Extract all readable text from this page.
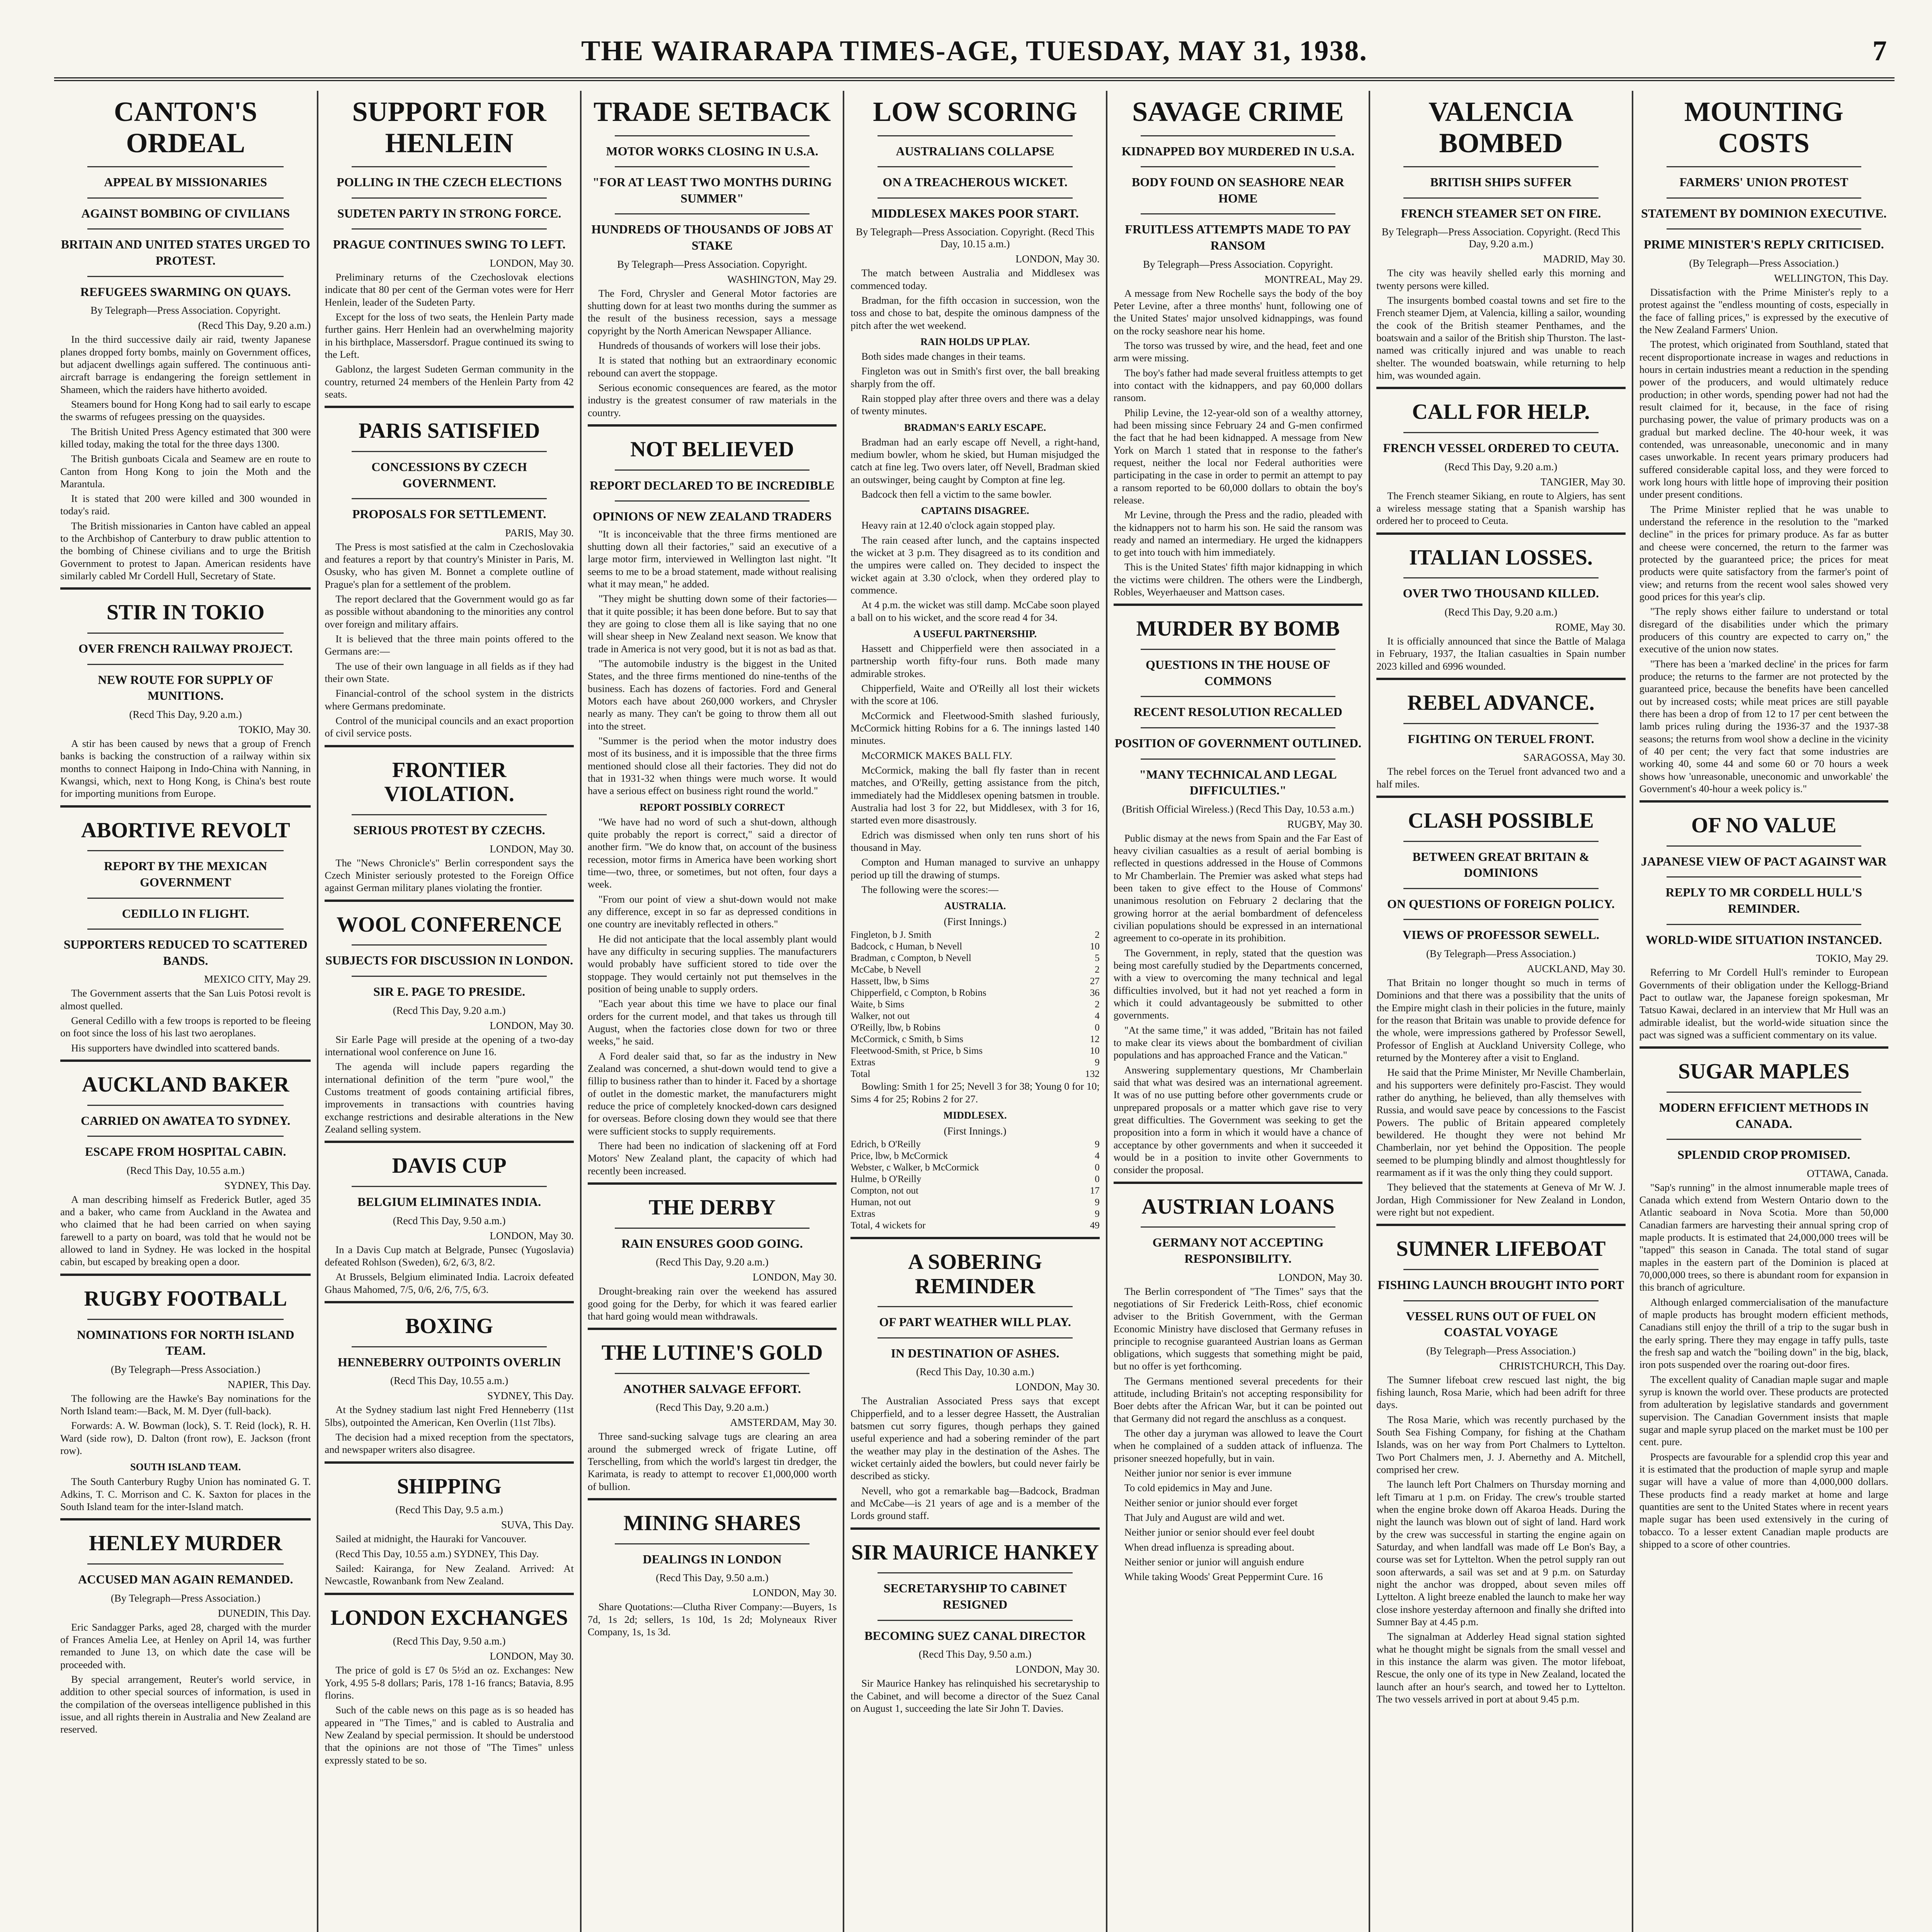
THE WAIRARAPA TIMES-AGE, TUESDAY, MAY 31, 1938.	7
CANTON'S ORDEAL
APPEAL BY MISSIONARIES
AGAINST BOMBING OF CIVILIANS
BRITAIN AND UNITED STATES URGED TO PROTEST.
REFUGEES SWARMING ON QUAYS.
By Telegraph—Press Association. Copyright.
(Recd This Day, 9.20 a.m.)
In the third successive daily air raid, twenty Japanese planes dropped forty bombs, mainly on Government offices, but adjacent dwellings again suffered. The continuous anti-aircraft barrage is endangering the foreign settlement in Shameen, which the raiders have hitherto avoided.
Steamers bound for Hong Kong had to sail early to escape the swarms of refugees pressing on the quaysides.
The British United Press Agency estimated that 300 were killed today, making the total for the three days 1300.
The British gunboats Cicala and Seamew are en route to Canton from Hong Kong to join the Moth and the Marantula.
It is stated that 200 were killed and 300 wounded in today's raid.
The British missionaries in Canton have cabled an appeal to the Archbishop of Canterbury to draw public attention to the bombing of Chinese civilians and to urge the British Government to protest to Japan. American residents have similarly cabled Mr Cordell Hull, Secretary of State.
STIR IN TOKIO
OVER FRENCH RAILWAY PROJECT.
NEW ROUTE FOR SUPPLY OF MUNITIONS.
(Recd This Day, 9.20 a.m.)
TOKIO, May 30.
A stir has been caused by news that a group of French banks is backing the construction of a railway within six months to connect Haipong in Indo-China with Nanning, in Kwangsi, which, next to Hong Kong, is China's best route for importing munitions from Europe.
ABORTIVE REVOLT
REPORT BY THE MEXICAN GOVERNMENT
CEDILLO IN FLIGHT.
SUPPORTERS REDUCED TO SCATTERED BANDS.
MEXICO CITY, May 29.
The Government asserts that the San Luis Potosi revolt is almost quelled.
General Cedillo with a few troops is reported to be fleeing on foot since the loss of his last two aeroplanes.
His supporters have dwindled into scattered bands.
AUCKLAND BAKER
CARRIED ON AWATEA TO SYDNEY.
ESCAPE FROM HOSPITAL CABIN.
(Recd This Day, 10.55 a.m.)
SYDNEY, This Day.
A man describing himself as Frederick Butler, aged 35 and a baker, who came from Auckland in the Awatea and who claimed that he had been carried on when saying farewell to a party on board, was told that he would not be allowed to land in Sydney. He was locked in the hospital cabin, but escaped by breaking open a door.
RUGBY FOOTBALL
NOMINATIONS FOR NORTH ISLAND TEAM.
(By Telegraph—Press Association.)
NAPIER, This Day.
The following are the Hawke's Bay nominations for the North Island team:—Back, M. M. Dyer (full-back).
Forwards: A. W. Bowman (lock), S. T. Reid (lock), R. H. Ward (side row), D. Dalton (front row), E. Jackson (front row).
SOUTH ISLAND TEAM.
The South Canterbury Rugby Union has nominated G. T. Adkins, T. C. Morrison and C. K. Saxton for places in the South Island team for the inter-Island match.
HENLEY MURDER
ACCUSED MAN AGAIN REMANDED.
(By Telegraph—Press Association.)
DUNEDIN, This Day.
Eric Sandagger Parks, aged 28, charged with the murder of Frances Amelia Lee, at Henley on April 14, was further remanded to June 13, on which date the case will be proceeded with.
By special arrangement, Reuter's world service, in addition to other special sources of information, is used in the compilation of the overseas intelligence published in this issue, and all rights therein in Australia and New Zealand are reserved.
SUPPORT FOR HENLEIN
POLLING IN THE CZECH ELECTIONS
SUDETEN PARTY IN STRONG FORCE.
PRAGUE CONTINUES SWING TO LEFT.
LONDON, May 30.
Preliminary returns of the Czechoslovak elections indicate that 80 per cent of the German votes were for Herr Henlein, leader of the Sudeten Party.
Except for the loss of two seats, the Henlein Party made further gains. Herr Henlein had an overwhelming majority in his birthplace, Massersdorf. Prague continued its swing to the Left.
Gablonz, the largest Sudeten German community in the country, returned 24 members of the Henlein Party from 42 seats.
PARIS SATISFIED
CONCESSIONS BY CZECH GOVERNMENT.
PROPOSALS FOR SETTLEMENT.
PARIS, May 30.
The Press is most satisfied at the calm in Czechoslovakia and features a report by that country's Minister in Paris, M. Osusky, who has given M. Bonnet a complete outline of Prague's plan for a settlement of the problem.
The report declared that the Government would go as far as possible without abandoning to the minorities any control over foreign and military affairs.
It is believed that the three main points offered to the Germans are:—
The use of their own language in all fields as if they had their own State.
Financial-control of the school system in the districts where Germans predominate.
Control of the municipal councils and an exact proportion of civil service posts.
FRONTIER VIOLATION.
SERIOUS PROTEST BY CZECHS.
LONDON, May 30.
The "News Chronicle's" Berlin correspondent says the Czech Minister seriously protested to the Foreign Office against German military planes violating the frontier.
WOOL CONFERENCE
SUBJECTS FOR DISCUSSION IN LONDON.
SIR E. PAGE TO PRESIDE.
(Recd This Day, 9.20 a.m.)
LONDON, May 30.
Sir Earle Page will preside at the opening of a two-day international wool conference on June 16.
The agenda will include papers regarding the international definition of the term "pure wool," the Customs treatment of goods containing artificial fibres, improvements in transactions with countries having exchange restrictions and desirable alterations in the New Zealand selling system.
DAVIS CUP
BELGIUM ELIMINATES INDIA.
(Recd This Day, 9.50 a.m.)
LONDON, May 30.
In a Davis Cup match at Belgrade, Punsec (Yugoslavia) defeated Rohlson (Sweden), 6/2, 6/3, 8/2.
At Brussels, Belgium eliminated India. Lacroix defeated Ghaus Mahomed, 7/5, 0/6, 2/6, 7/5, 6/3.
BOXING
HENNEBERRY OUTPOINTS OVERLIN
(Recd This Day, 10.55 a.m.)
SYDNEY, This Day.
At the Sydney stadium last night Fred Henneberry (11st 5lbs), outpointed the American, Ken Overlin (11st 7lbs).
The decision had a mixed reception from the spectators, and newspaper writers also disagree.
SHIPPING
(Recd This Day, 9.5 a.m.)
SUVA, This Day.
Sailed at midnight, the Hauraki for Vancouver.
(Recd This Day, 10.55 a.m.) SYDNEY, This Day.
Sailed: Kairanga, for New Zealand. Arrived: At Newcastle, Rowanbank from New Zealand.
LONDON EXCHANGES
(Recd This Day, 9.50 a.m.)
LONDON, May 30.
The price of gold is £7 0s 5½d an oz. Exchanges: New York, 4.95 5-8 dollars; Paris, 178 1-16 francs; Batavia, 8.95 florins.
Such of the cable news on this page as is so headed has appeared in "The Times," and is cabled to Australia and New Zealand by special permission. It should be understood that the opinions are not those of "The Times" unless expressly stated to be so.
TRADE SETBACK
MOTOR WORKS CLOSING IN U.S.A.
"FOR AT LEAST TWO MONTHS DURING SUMMER"
HUNDREDS OF THOUSANDS OF JOBS AT STAKE
By Telegraph—Press Association. Copyright.
WASHINGTON, May 29.
The Ford, Chrysler and General Motor factories are shutting down for at least two months during the summer as the result of the business recession, says a message copyright by the North American Newspaper Alliance.
Hundreds of thousands of workers will lose their jobs.
It is stated that nothing but an extraordinary economic rebound can avert the stoppage.
Serious economic consequences are feared, as the motor industry is the greatest consumer of raw materials in the country.
NOT BELIEVED
REPORT DECLARED TO BE INCREDIBLE
OPINIONS OF NEW ZEALAND TRADERS
"It is inconceivable that the three firms mentioned are shutting down all their factories," said an executive of a large motor firm, interviewed in Wellington last night. "It seems to me to be a broad statement, made without realising what it may mean," he added.
"They might be shutting down some of their factories—that it quite possible; it has been done before. But to say that they are going to close them all is like saying that no one will shear sheep in New Zealand next season. We know that trade in America is not very good, but it is not as bad as that.
"The automobile industry is the biggest in the United States, and the three firms mentioned do nine-tenths of the business. Each has dozens of factories. Ford and General Motors each have about 260,000 workers, and Chrysler nearly as many. They can't be going to throw them all out into the street.
"Summer is the period when the motor industry does most of its business, and it is impossible that the three firms mentioned should close all their factories. They did not do that in 1931-32 when things were much worse. It would have a serious effect on business right round the world."
REPORT POSSIBLY CORRECT
"We have had no word of such a shut-down, although quite probably the report is correct," said a director of another firm. "We do know that, on account of the business recession, motor firms in America have been working short time—two, three, or sometimes, but not often, four days a week.
"From our point of view a shut-down would not make any difference, except in so far as depressed conditions in one country are inevitably reflected in others."
He did not anticipate that the local assembly plant would have any difficulty in securing supplies. The manufacturers would probably have sufficient stored to tide over the stoppage. They would certainly not put themselves in the position of being unable to supply orders.
"Each year about this time we have to place our final orders for the current model, and that takes us through till August, when the factories close down for two or three weeks," he said.
A Ford dealer said that, so far as the industry in New Zealand was concerned, a shut-down would tend to give a fillip to business rather than to hinder it. Faced by a shortage of outlet in the domestic market, the manufacturers might reduce the price of completely knocked-down cars designed for overseas. Before closing down they would see that there were sufficient stocks to supply requirements.
There had been no indication of slackening off at Ford Motors' New Zealand plant, the capacity of which had recently been increased.
THE DERBY
RAIN ENSURES GOOD GOING.
(Recd This Day, 9.20 a.m.)
LONDON, May 30.
Drought-breaking rain over the weekend has assured good going for the Derby, for which it was feared earlier that hard going would mean withdrawals.
THE LUTINE'S GOLD
ANOTHER SALVAGE EFFORT.
(Recd This Day, 9.20 a.m.)
AMSTERDAM, May 30.
Three sand-sucking salvage tugs are clearing an area around the submerged wreck of frigate Lutine, off Terschelling, from which the world's largest tin dredger, the Karimata, is ready to attempt to recover £1,000,000 worth of bullion.
MINING SHARES
DEALINGS IN LONDON
(Recd This Day, 9.50 a.m.)
LONDON, May 30.
Share Quotations:—Clutha River Company:—Buyers, 1s 7d, 1s 2d; sellers, 1s 10d, 1s 2d; Molyneaux River Company, 1s, 1s 3d.
LOW SCORING
AUSTRALIANS COLLAPSE
ON A TREACHEROUS WICKET.
MIDDLESEX MAKES POOR START.
By Telegraph—Press Association. Copyright. (Recd This Day, 10.15 a.m.)
LONDON, May 30.
The match between Australia and Middlesex was commenced today.
Bradman, for the fifth occasion in succession, won the toss and chose to bat, despite the ominous dampness of the pitch after the wet weekend.
RAIN HOLDS UP PLAY.
Both sides made changes in their teams.
Fingleton was out in Smith's first over, the ball breaking sharply from the off.
Rain stopped play after three overs and there was a delay of twenty minutes.
BRADMAN'S EARLY ESCAPE.
Bradman had an early escape off Nevell, a right-hand, medium bowler, whom he skied, but Human misjudged the catch at fine leg. Two overs later, off Nevell, Bradman skied an outswinger, being caught by Compton at fine leg.
Badcock then fell a victim to the same bowler.
CAPTAINS DISAGREE.
Heavy rain at 12.40 o'clock again stopped play.
The rain ceased after lunch, and the captains inspected the wicket at 3 p.m. They disagreed as to its condition and the umpires were called on. They decided to inspect the wicket again at 3.30 o'clock, when they ordered play to commence.
At 4 p.m. the wicket was still damp. McCabe soon played a ball on to his wicket, and the score read 4 for 34.
A USEFUL PARTNERSHIP.
Hassett and Chipperfield were then associated in a partnership worth fifty-four runs. Both made many admirable strokes.
Chipperfield, Waite and O'Reilly all lost their wickets with the score at 106.
McCormick and Fleetwood-Smith slashed furiously, McCormick hitting Robins for a 6. The innings lasted 140 minutes.
McCORMICK MAKES BALL FLY.
McCormick, making the ball fly faster than in recent matches, and O'Reilly, getting assistance from the pitch, immediately had the Middlesex opening batsmen in trouble. Australia had lost 3 for 22, but Middlesex, with 3 for 16, started even more disastrously.
Edrich was dismissed when only ten runs short of his thousand in May.
Compton and Human managed to survive an unhappy period up till the drawing of stumps.
The following were the scores:—
AUSTRALIA.
(First Innings.)
Fingleton, b J. Smith	2
Badcock, c Human, b Nevell	10
Bradman, c Compton, b Nevell	5
McCabe, b Nevell	2
Hassett, lbw, b Sims	27
Chipperfield, c Compton, b Robins	36
Waite, b Sims	2
Walker, not out	4
O'Reilly, lbw, b Robins	0
McCormick, c Smith, b Sims	12
Fleetwood-Smith, st Price, b Sims	10
Extras	9
Total	132
Bowling: Smith 1 for 25; Nevell 3 for 38; Young 0 for 10; Sims 4 for 25; Robins 2 for 27.
MIDDLESEX.
(First Innings.)
Edrich, b O'Reilly	9
Price, lbw, b McCormick	4
Webster, c Walker, b McCormick	0
Hulme, b O'Reilly	0
Compton, not out	17
Human, not out	9
Extras	9
Total, 4 wickets for	49
A SOBERING REMINDER
OF PART WEATHER WILL PLAY.
IN DESTINATION OF ASHES.
(Recd This Day, 10.30 a.m.)
LONDON, May 30.
The Australian Associated Press says that except Chipperfield, and to a lesser degree Hassett, the Australian batsmen cut sorry figures, though perhaps they gained useful experience and had a sobering reminder of the part the weather may play in the destination of the Ashes. The wicket certainly aided the bowlers, but could never fairly be described as sticky.
Nevell, who got a remarkable bag—Badcock, Bradman and McCabe—is 21 years of age and is a member of the Lords ground staff.
SIR MAURICE HANKEY
SECRETARYSHIP TO CABINET RESIGNED
BECOMING SUEZ CANAL DIRECTOR
(Recd This Day, 9.50 a.m.)
LONDON, May 30.
Sir Maurice Hankey has relinquished his secretaryship to the Cabinet, and will become a director of the Suez Canal on August 1, succeeding the late Sir John T. Davies.
SAVAGE CRIME
KIDNAPPED BOY MURDERED IN U.S.A.
BODY FOUND ON SEASHORE NEAR HOME
FRUITLESS ATTEMPTS MADE TO PAY RANSOM
By Telegraph—Press Association. Copyright.
MONTREAL, May 29.
A message from New Rochelle says the body of the boy Peter Levine, after a three months' hunt, following one of the United States' major unsolved kidnappings, was found on the rocky seashore near his home.
The torso was trussed by wire, and the head, feet and one arm were missing.
The boy's father had made several fruitless attempts to get into contact with the kidnappers, and pay 60,000 dollars ransom.
Philip Levine, the 12-year-old son of a wealthy attorney, had been missing since February 24 and G-men confirmed the fact that he had been kidnapped. A message from New York on March 1 stated that in response to the father's request, neither the local nor Federal authorities were participating in the case in order to permit an attempt to pay a ransom reported to be 60,000 dollars to obtain the boy's release.
Mr Levine, through the Press and the radio, pleaded with the kidnappers not to harm his son. He said the ransom was ready and named an intermediary. He urged the kidnappers to get into touch with him immediately.
This is the United States' fifth major kidnapping in which the victims were children. The others were the Lindbergh, Robles, Weyerhaeuser and Mattson cases.
MURDER BY BOMB
QUESTIONS IN THE HOUSE OF COMMONS
RECENT RESOLUTION RECALLED
POSITION OF GOVERNMENT OUTLINED.
"MANY TECHNICAL AND LEGAL DIFFICULTIES."
(British Official Wireless.) (Recd This Day, 10.53 a.m.)
RUGBY, May 30.
Public dismay at the news from Spain and the Far East of heavy civilian casualties as a result of aerial bombing is reflected in questions addressed in the House of Commons to Mr Chamberlain. The Premier was asked what steps had been taken to give effect to the House of Commons' unanimous resolution on February 2 declaring that the growing horror at the aerial bombardment of defenceless civilian populations should be expressed in an international agreement to co-operate in its prohibition.
The Government, in reply, stated that the question was being most carefully studied by the Departments concerned, with a view to overcoming the many technical and legal difficulties involved, but it had not yet reached a form in which it could advantageously be submitted to other governments.
"At the same time," it was added, "Britain has not failed to make clear its views about the bombardment of civilian populations and has approached France and the Vatican."
Answering supplementary questions, Mr Chamberlain said that what was desired was an international agreement. It was of no use putting before other governments crude or unprepared proposals or a matter which gave rise to very great difficulties. The Government was seeking to get the proposition into a form in which it would have a chance of acceptance by other governments and when it succeeded it would be in a position to invite other Governments to consider the proposal.
AUSTRIAN LOANS
GERMANY NOT ACCEPTING RESPONSIBILITY.
LONDON, May 30.
The Berlin correspondent of "The Times" says that the negotiations of Sir Frederick Leith-Ross, chief economic adviser to the British Government, with the German Economic Ministry have disclosed that Germany refuses in principle to recognise guaranteed Austrian loans as German obligations, which suggests that something might be paid, but no offer is yet forthcoming.
The Germans mentioned several precedents for their attitude, including Britain's not accepting responsibility for Boer debts after the African War, but it can be pointed out that Germany did not regard the anschluss as a conquest.
The other day a juryman was allowed to leave the Court when he complained of a sudden attack of influenza. The prisoner sneezed hopefully, but in vain.
Neither junior nor senior is ever immune
To cold epidemics in May and June.
Neither senior or junior should ever forget
That July and August are wild and wet.
Neither junior or senior should ever feel doubt
When dread influenza is spreading about.
Neither senior or junior will anguish endure
While taking Woods' Great Peppermint Cure. 16
VALENCIA BOMBED
BRITISH SHIPS SUFFER
FRENCH STEAMER SET ON FIRE.
By Telegraph—Press Association. Copyright. (Recd This Day, 9.20 a.m.)
MADRID, May 30.
The city was heavily shelled early this morning and twenty persons were killed.
The insurgents bombed coastal towns and set fire to the French steamer Djem, at Valencia, killing a sailor, wounding the cook of the British steamer Penthames, and the boatswain and a sailor of the British ship Thurston. The last-named was critically injured and was unable to reach shelter. The wounded boatswain, while returning to help him, was wounded again.
CALL FOR HELP.
FRENCH VESSEL ORDERED TO CEUTA.
(Recd This Day, 9.20 a.m.)
TANGIER, May 30.
The French steamer Sikiang, en route to Algiers, has sent a wireless message stating that a Spanish warship has ordered her to proceed to Ceuta.
ITALIAN LOSSES.
OVER TWO THOUSAND KILLED.
(Recd This Day, 9.20 a.m.)
ROME, May 30.
It is officially announced that since the Battle of Malaga in February, 1937, the Italian casualties in Spain number 2023 killed and 6996 wounded.
REBEL ADVANCE.
FIGHTING ON TERUEL FRONT.
SARAGOSSA, May 30.
The rebel forces on the Teruel front advanced two and a half miles.
CLASH POSSIBLE
BETWEEN GREAT BRITAIN & DOMINIONS
ON QUESTIONS OF FOREIGN POLICY.
VIEWS OF PROFESSOR SEWELL.
(By Telegraph—Press Association.)
AUCKLAND, May 30.
That Britain no longer thought so much in terms of Dominions and that there was a possibility that the units of the Empire might clash in their policies in the future, mainly for the reason that Britain was unable to provide defence for the whole, were impressions gathered by Professor Sewell, Professor of English at Auckland University College, who returned by the Monterey after a visit to England.
He said that the Prime Minister, Mr Neville Chamberlain, and his supporters were definitely pro-Fascist. They would rather do anything, he believed, than ally themselves with Russia, and would save peace by concessions to the Fascist Powers. The public of Britain appeared completely bewildered. He thought they were not behind Mr Chamberlain, nor yet behind the Opposition. The people seemed to be plumping blindly and almost thoughtlessly for rearmament as if it was the only thing they could support.
They believed that the statements at Geneva of Mr W. J. Jordan, High Commissioner for New Zealand in London, were right but not expedient.
SUMNER LIFEBOAT
FISHING LAUNCH BROUGHT INTO PORT
VESSEL RUNS OUT OF FUEL ON COASTAL VOYAGE
(By Telegraph—Press Association.)
CHRISTCHURCH, This Day.
The Sumner lifeboat crew rescued last night, the big fishing launch, Rosa Marie, which had been adrift for three days.
The Rosa Marie, which was recently purchased by the South Sea Fishing Company, for fishing at the Chatham Islands, was on her way from Port Chalmers to Lyttelton. Two Port Chalmers men, J. J. Abernethy and A. Mitchell, comprised her crew.
The launch left Port Chalmers on Thursday morning and left Timaru at 1 p.m. on Friday. The crew's trouble started when the engine broke down off Akaroa Heads. During the night the launch was blown out of sight of land. Hard work by the crew was successful in starting the engine again on Saturday, and when landfall was made off Le Bon's Bay, a course was set for Lyttelton. When the petrol supply ran out soon afterwards, a sail was set and at 9 p.m. on Saturday night the anchor was dropped, about seven miles off Lyttelton. A light breeze enabled the launch to make her way close inshore yesterday afternoon and finally she drifted into Sumner Bay at 4.45 p.m.
The signalman at Adderley Head signal station sighted what he thought might be signals from the small vessel and in this instance the alarm was given. The motor lifeboat, Rescue, the only one of its type in New Zealand, located the launch after an hour's search, and towed her to Lyttelton. The two vessels arrived in port at about 9.45 p.m.
MOUNTING COSTS
FARMERS' UNION PROTEST
STATEMENT BY DOMINION EXECUTIVE.
PRIME MINISTER'S REPLY CRITICISED.
(By Telegraph—Press Association.)
WELLINGTON, This Day.
Dissatisfaction with the Prime Minister's reply to a protest against the "endless mounting of costs, especially in the face of falling prices," is expressed by the executive of the New Zealand Farmers' Union.
The protest, which originated from Southland, stated that recent disproportionate increase in wages and reductions in hours in certain industries meant a reduction in the spending power of the producers, and would ultimately reduce production; in other words, spending power had not had the result claimed for it, because, in the face of rising purchasing power, the value of primary products was on a gradual but marked decline. The 40-hour week, it was contended, was unreasonable, uneconomic and in many cases unworkable. In recent years primary producers had suffered considerable capital loss, and they were forced to work long hours with little hope of improving their position under present conditions.
The Prime Minister replied that he was unable to understand the reference in the resolution to the "marked decline" in the prices for primary produce. As far as butter and cheese were concerned, the return to the farmer was protected by the guaranteed price; the prices for meat products were quite satisfactory from the farmer's point of view; and returns from the recent wool sales showed very good prices for this year's clip.
"The reply shows either failure to understand or total disregard of the disabilities under which the primary producers of this country are expected to carry on," the executive of the union now states.
"There has been a 'marked decline' in the prices for farm produce; the returns to the farmer are not protected by the guaranteed price, because the benefits have been cancelled out by increased costs; while meat prices are still payable there has been a drop of from 12 to 17 per cent between the lamb prices ruling during the 1936-37 and the 1937-38 seasons; the returns from wool show a decline in the vicinity of 40 per cent; the very fact that some industries are working 40, some 44 and some 60 or 70 hours a week shows how 'unreasonable, uneconomic and unworkable' the Government's 40-hour a week policy is."
OF NO VALUE
JAPANESE VIEW OF PACT AGAINST WAR
REPLY TO MR CORDELL HULL'S REMINDER.
WORLD-WIDE SITUATION INSTANCED.
TOKIO, May 29.
Referring to Mr Cordell Hull's reminder to European Governments of their obligation under the Kellogg-Briand Pact to outlaw war, the Japanese foreign spokesman, Mr Tatsuo Kawai, declared in an interview that Mr Hull was an admirable idealist, but the world-wide situation since the pact was signed was a sufficient commentary on its value.
SUGAR MAPLES
MODERN EFFICIENT METHODS IN CANADA.
SPLENDID CROP PROMISED.
OTTAWA, Canada.
"Sap's running" in the almost innumerable maple trees of Canada which extend from Western Ontario down to the Atlantic seaboard in Nova Scotia. More than 50,000 Canadian farmers are harvesting their annual spring crop of maple products. It is estimated that 24,000,000 trees will be "tapped" this season in Canada. The total stand of sugar maples in the eastern part of the Dominion is placed at 70,000,000 trees, so there is abundant room for expansion in this branch of agriculture.
Although enlarged commercialisation of the manufacture of maple products has brought modern efficient methods, Canadians still enjoy the thrill of a trip to the sugar bush in the early spring. There they may engage in taffy pulls, taste the fresh sap and watch the "boiling down" in the big, black, iron pots suspended over the roaring out-door fires.
The excellent quality of Canadian maple sugar and maple syrup is known the world over. These products are protected from adulteration by legislative standards and government supervision. The Canadian Government insists that maple sugar and maple syrup placed on the market must be 100 per cent. pure.
Prospects are favourable for a splendid crop this year and it is estimated that the production of maple syrup and maple sugar will have a value of more than 4,000,000 dollars. These products find a ready market at home and large quantities are sent to the United States where in recent years maple sugar has been used extensively in the curing of tobacco. To a lesser extent Canadian maple products are shipped to a score of other countries.
